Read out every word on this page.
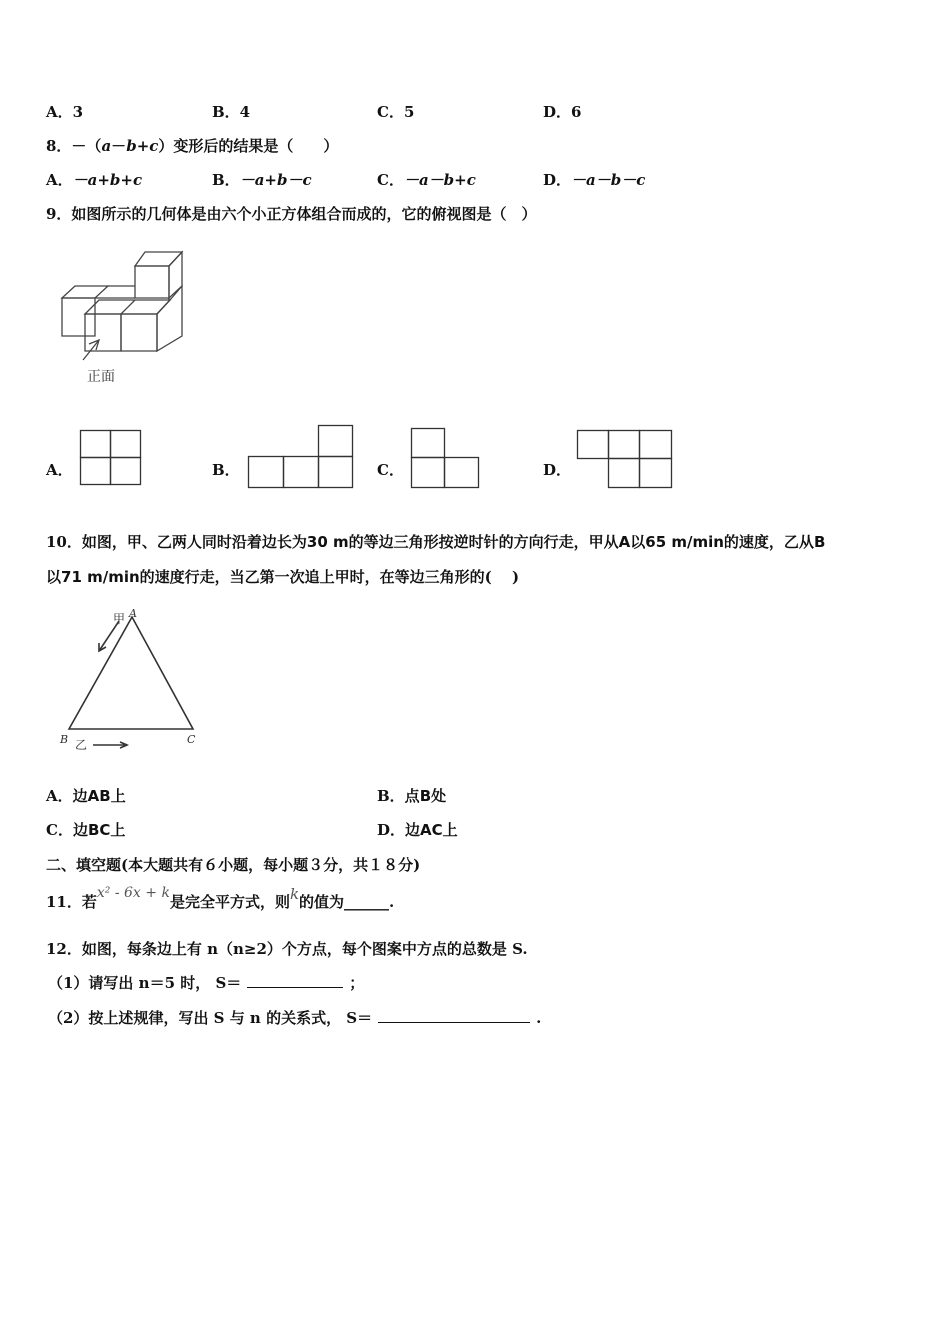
A．3	B．4	C．5	D．6
8．－（a－b+c）变形后的结果是（　　）
A．－a+b+c	B．－a+b－c	C．－a－b+c	D．－a－b－c
9．如图所示的几何体是由六个小正方体组合而成的，它的俯视图是（　）
正面
A．	B．	C．	D．
10．如图，甲、乙两人同时沿着边长为30 m的等边三角形按逆时针的方向行走，甲从A以65 m/min的速度，乙从B
以71 m/min的速度行走，当乙第一次追上甲时，在等边三角形的(　 )
甲 A
B 乙	C
A．边AB上	B．点B处
C．边BC上	D．边AC上
二、填空题(本大题共有６小题，每小题３分，共１８分)
11．若x² - 6x + k是完全平方式，则k的值为______.
12．如图，每条边上有 n（n≥2）个方点，每个图案中方点的总数是 S.
（1）请写出 n＝5 时， S＝	；
（2）按上述规律，写出 S 与 n 的关系式， S＝	.
